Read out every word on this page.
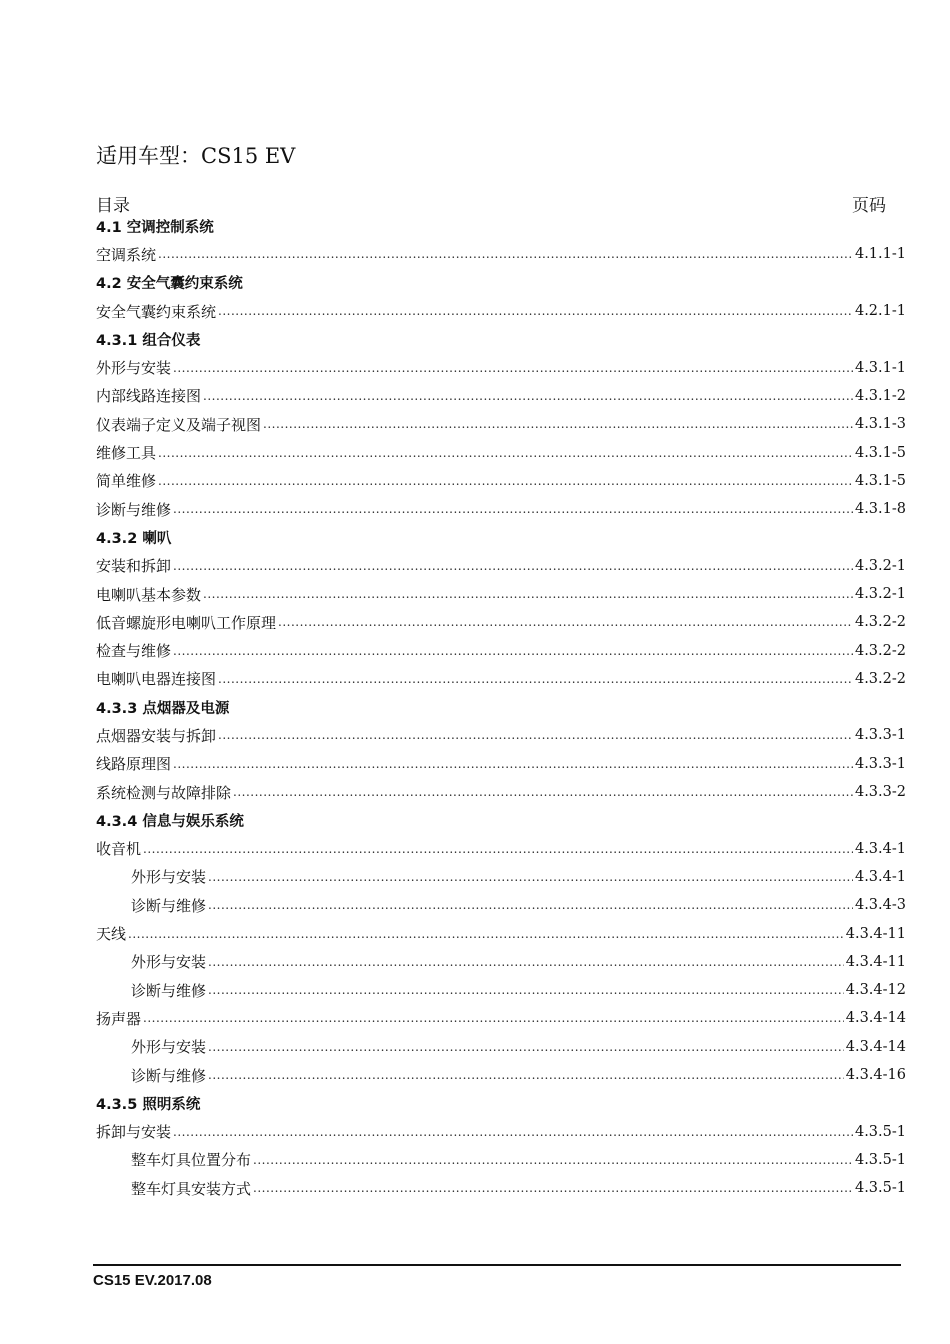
适用车型：CS15 EV
目录	页码
4.1 空调控制系统
空调系统 .....	4.1.1-1
4.2 安全气囊约束系统
安全气囊约束系统 .....	4.2.1-1
4.3.1 组合仪表
外形与安装 .....	4.3.1-1
内部线路连接图 .....	4.3.1-2
仪表端子定义及端子视图 .....	4.3.1-3
维修工具 .....	4.3.1-5
简单维修 .....	4.3.1-5
诊断与维修 .....	4.3.1-8
4.3.2 喇叭
安装和拆卸 .....	4.3.2-1
电喇叭基本参数 .....	4.3.2-1
低音螺旋形电喇叭工作原理 .....	4.3.2-2
检查与维修 .....	4.3.2-2
电喇叭电器连接图 .....	4.3.2-2
4.3.3 点烟器及电源
点烟器安装与拆卸 .....	4.3.3-1
线路原理图 .....	4.3.3-1
系统检测与故障排除 .....	4.3.3-2
4.3.4 信息与娱乐系统
收音机 .....	4.3.4-1
外形与安装 .....	4.3.4-1
诊断与维修 .....	4.3.4-3
天线 .....	4.3.4-11
外形与安装 .....	4.3.4-11
诊断与维修 .....	4.3.4-12
扬声器 .....	4.3.4-14
外形与安装 .....	4.3.4-14
诊断与维修 .....	4.3.4-16
4.3.5 照明系统
拆卸与安装 .....	4.3.5-1
整车灯具位置分布 .....	4.3.5-1
整车灯具安装方式 .....	4.3.5-1
CS15 EV.2017.08
